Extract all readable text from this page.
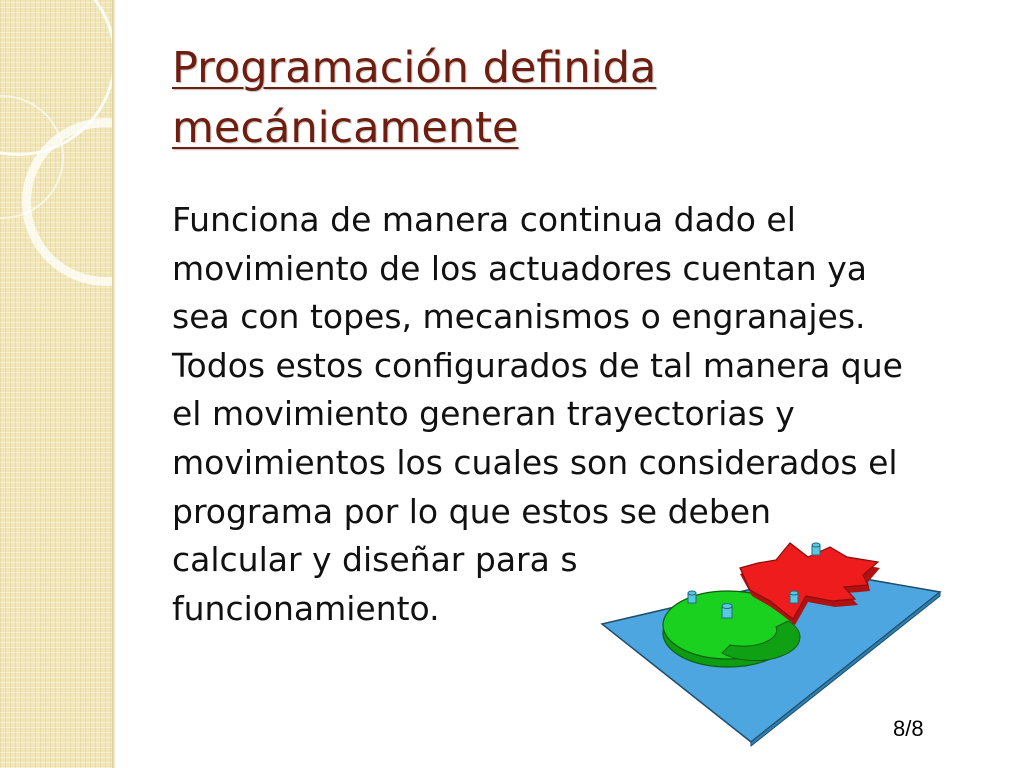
Programación definida
mecánicamente
Funciona de manera continua dado el
movimiento de los actuadores cuentan ya
sea con topes, mecanismos o engranajes.
Todos estos configurados de tal manera que
el movimiento generan trayectorias y
movimientos los cuales son considerados el
programa por lo que estos se deben
calcular y diseñar para s
funcionamiento.
8/8
